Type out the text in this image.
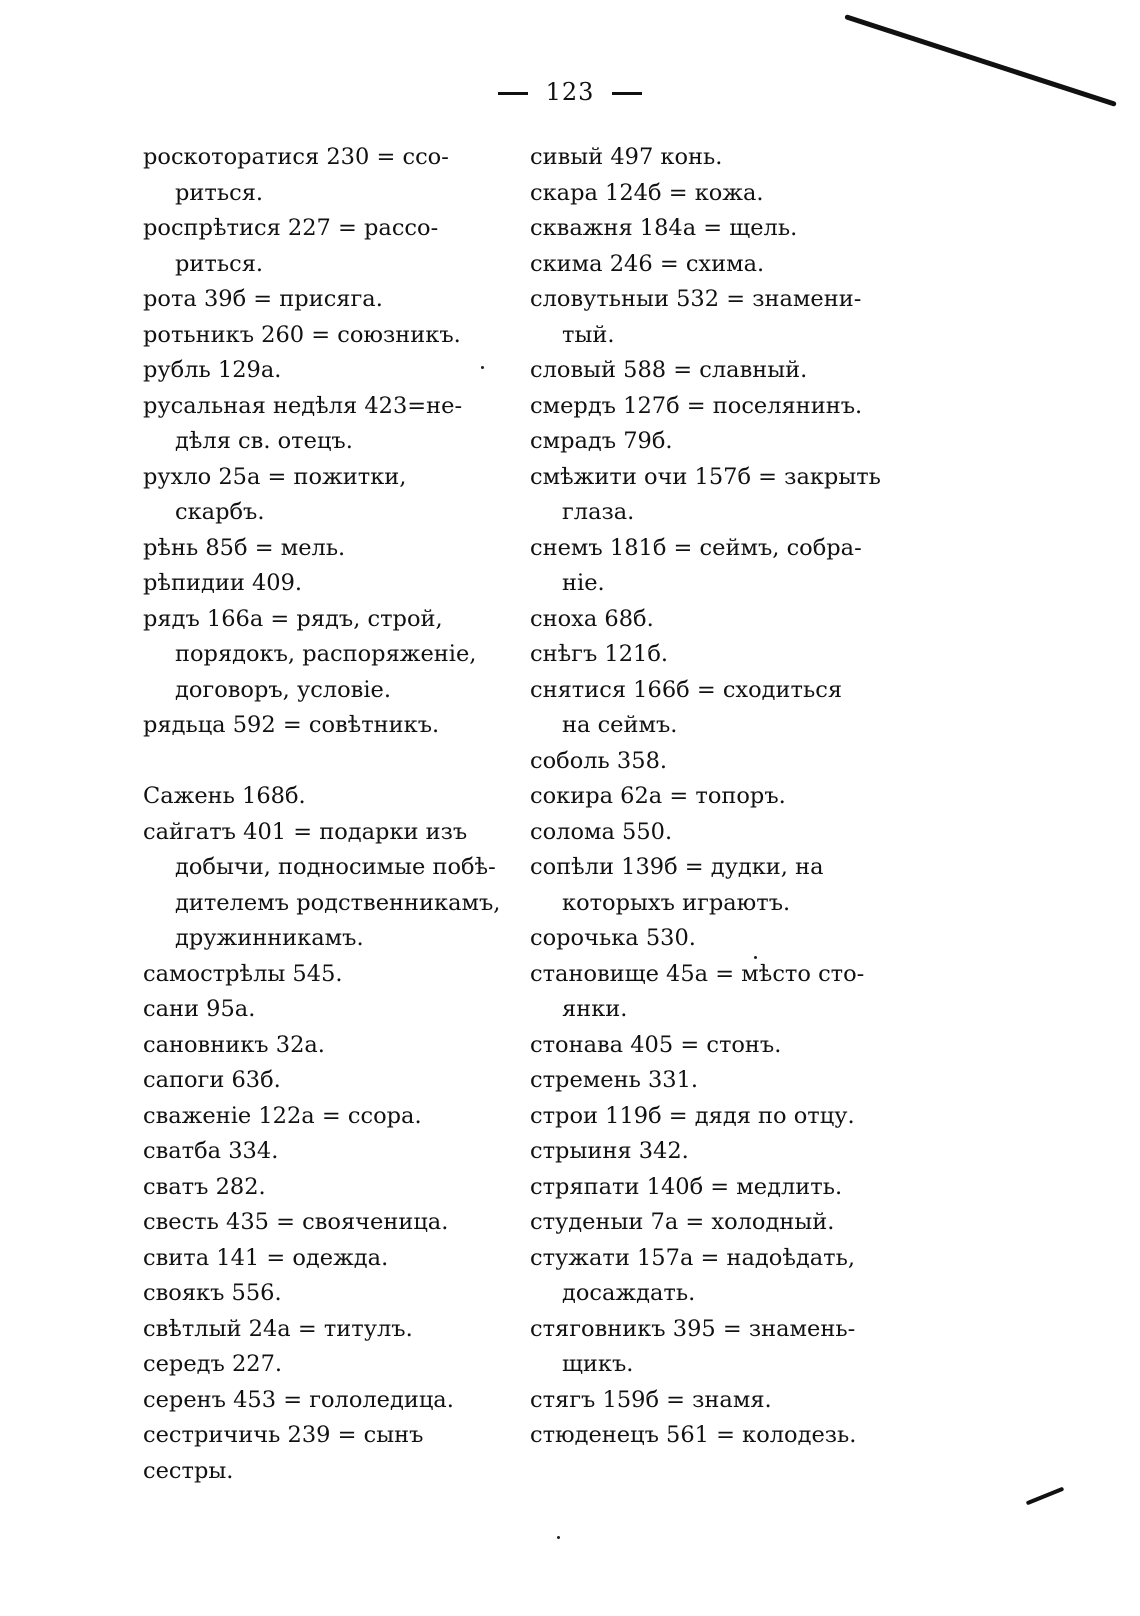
123
роскоторатися 230 = ссо-
риться.
роспрѣтися 227 = рассо-
риться.
рота 39б = присяга.
ротьникъ 260 = союзникъ.
рубль 129а.
русальная недѣля 423=не-
дѣля св. отецъ.
рухло 25а = пожитки,
скарбъ.
рѣнь 85б = мель.
рѣпидии 409.
рядъ 166а = рядъ, строй,
порядокъ, распоряженіе,
договоръ, условіе.
рядьца 592 = совѣтникъ.
Сажень 168б.
сайгатъ 401 = подарки изъ
добычи, подносимые побѣ-
дителемъ родственникамъ,
дружинникамъ.
самострѣлы 545.
сани 95а.
сановникъ 32а.
сапоги 63б.
сваженіе 122а = ссора.
сватба 334.
сватъ 282.
свесть 435 = свояченица.
свита 141 = одежда.
своякъ 556.
свѣтлый 24а = титулъ.
середъ 227.
серенъ 453 = гололедица.
сестричичь 239 = сынъ сестры.
сивый 497 конь.
скара 124б = кожа.
скважня 184а = щель.
скима 246 = схима.
словутьныи 532 = знамени-
тый.
словый 588 = славный.
смердъ 127б = поселянинъ.
смрадъ 79б.
смѣжити очи 157б = закрыть
глаза.
снемъ 181б = сеймъ, собра-
ніе.
сноха 68б.
снѣгъ 121б.
снятися 166б = сходиться
на сеймъ.
соболь 358.
сокира 62а = топоръ.
солома 550.
сопѣли 139б = дудки, на
которыхъ играютъ.
сорочька 530.
становище 45а = мѣсто сто-
янки.
стонава 405 = стонъ.
стремень 331.
строи 119б = дядя по отцу.
стрыиня 342.
стряпати 140б = медлить.
студеныи 7а = холодный.
стужати 157а = надоѣдать,
досаждать.
стяговникъ 395 = знамень-
щикъ.
стягъ 159б = знамя.
стюденецъ 561 = колодезь.
